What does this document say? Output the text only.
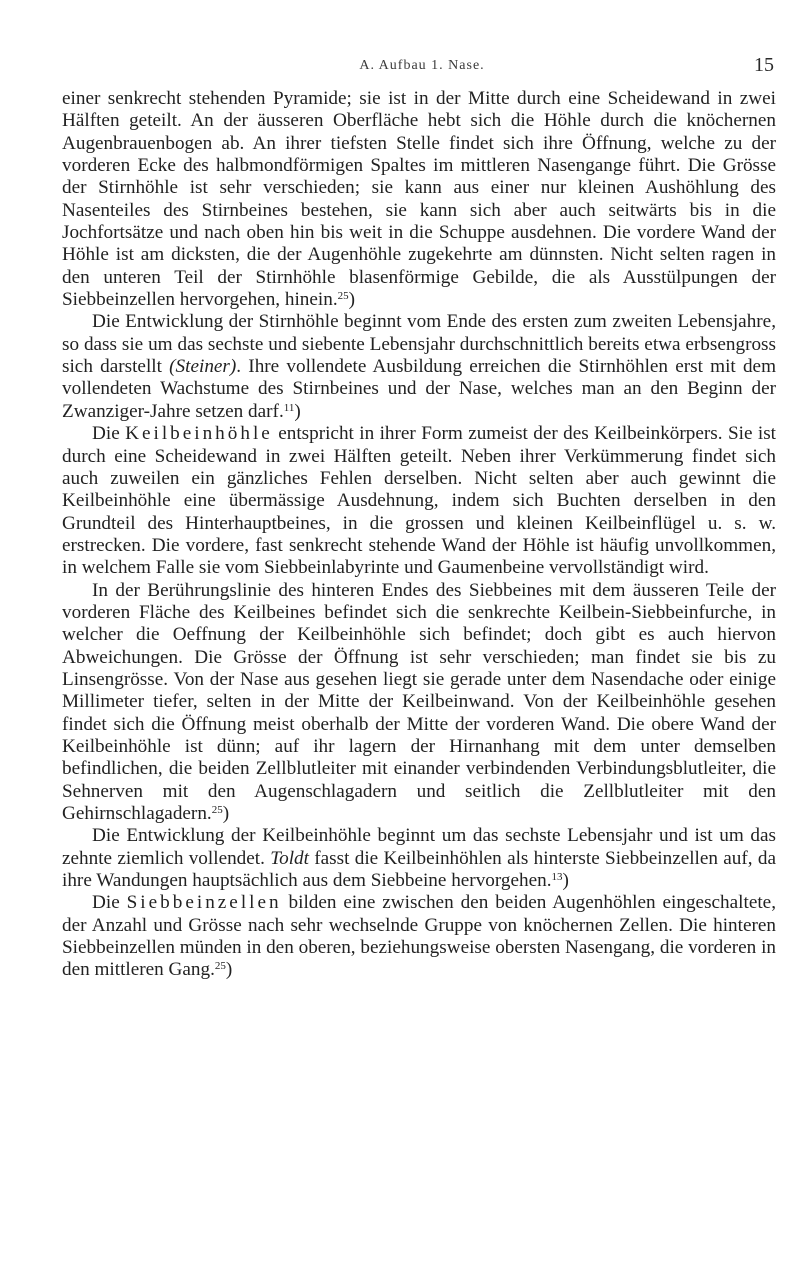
A. Aufbau 1. Nase.	15

einer senkrecht stehenden Pyramide; sie ist in der Mitte durch eine Scheidewand in zwei Hälften geteilt. An der äusseren Oberfläche hebt sich die Höhle durch die knöchernen Augenbrauenbogen ab. An ihrer tiefsten Stelle findet sich ihre Öffnung, welche zu der vorderen Ecke des halbmondförmigen Spaltes im mittleren Nasengange führt. Die Grösse der Stirnhöhle ist sehr verschieden; sie kann aus einer nur kleinen Aushöhlung des Nasenteiles des Stirnbeines bestehen, sie kann sich aber auch seitwärts bis in die Jochfortsätze und nach oben hin bis weit in die Schuppe ausdehnen. Die vordere Wand der Höhle ist am dicksten, die der Augenhöhle zugekehrte am dünnsten. Nicht selten ragen in den unteren Teil der Stirnhöhle blasenförmige Gebilde, die als Ausstülpungen der Siebbeinzellen hervorgehen, hinein.$^{25}$)

Die Entwicklung der Stirnhöhle beginnt vom Ende des ersten zum zweiten Lebensjahre, so dass sie um das sechste und siebente Lebensjahr durchschnittlich bereits etwa erbsengross sich darstellt (Steiner). Ihre vollendete Ausbildung erreichen die Stirnhöhlen erst mit dem vollendeten Wachstume des Stirnbeines und der Nase, welches man an den Beginn der Zwanziger-Jahre setzen darf.$^{11}$)

Die Keilbeinhöhle entspricht in ihrer Form zumeist der des Keilbeinkörpers. Sie ist durch eine Scheidewand in zwei Hälften geteilt. Neben ihrer Verkümmerung findet sich auch zuweilen ein gänzliches Fehlen derselben. Nicht selten aber auch gewinnt die Keilbeinhöhle eine übermässige Ausdehnung, indem sich Buchten derselben in den Grundteil des Hinterhauptbeines, in die grossen und kleinen Keilbeinflügel u. s. w. erstrecken. Die vordere, fast senkrecht stehende Wand der Höhle ist häufig unvollkommen, in welchem Falle sie vom Siebbeinlabyrinte und Gaumenbeine vervollständigt wird.

In der Berührungslinie des hinteren Endes des Siebbeines mit dem äusseren Teile der vorderen Fläche des Keilbeines befindet sich die senkrechte Keilbein-Siebbeinfurche, in welcher die Oeffnung der Keilbeinhöhle sich befindet; doch gibt es auch hiervon Abweichungen. Die Grösse der Öffnung ist sehr verschieden; man findet sie bis zu Linsengrösse. Von der Nase aus gesehen liegt sie gerade unter dem Nasendache oder einige Millimeter tiefer, selten in der Mitte der Keilbeinwand. Von der Keilbeinhöhle gesehen findet sich die Öffnung meist oberhalb der Mitte der vorderen Wand. Die obere Wand der Keilbeinhöhle ist dünn; auf ihr lagern der Hirnanhang mit dem unter demselben befindlichen, die beiden Zellblutleiter mit einander verbindenden Verbindungsblutleiter, die Sehnerven mit den Augenschlagadern und seitlich die Zellblutleiter mit den Gehirnschlagadern.$^{25}$)

Die Entwicklung der Keilbeinhöhle beginnt um das sechste Lebensjahr und ist um das zehnte ziemlich vollendet. Toldt fasst die Keilbeinhöhlen als hinterste Siebbeinzellen auf, da ihre Wandungen hauptsächlich aus dem Siebbeine hervorgehen.$^{13}$)

Die Siebbeinzellen bilden eine zwischen den beiden Augenhöhlen eingeschaltete, der Anzahl und Grösse nach sehr wechselnde Gruppe von knöchernen Zellen. Die hinteren Siebbeinzellen münden in den oberen, beziehungsweise obersten Nasengang, die vorderen in den mittleren Gang.$^{25}$)
